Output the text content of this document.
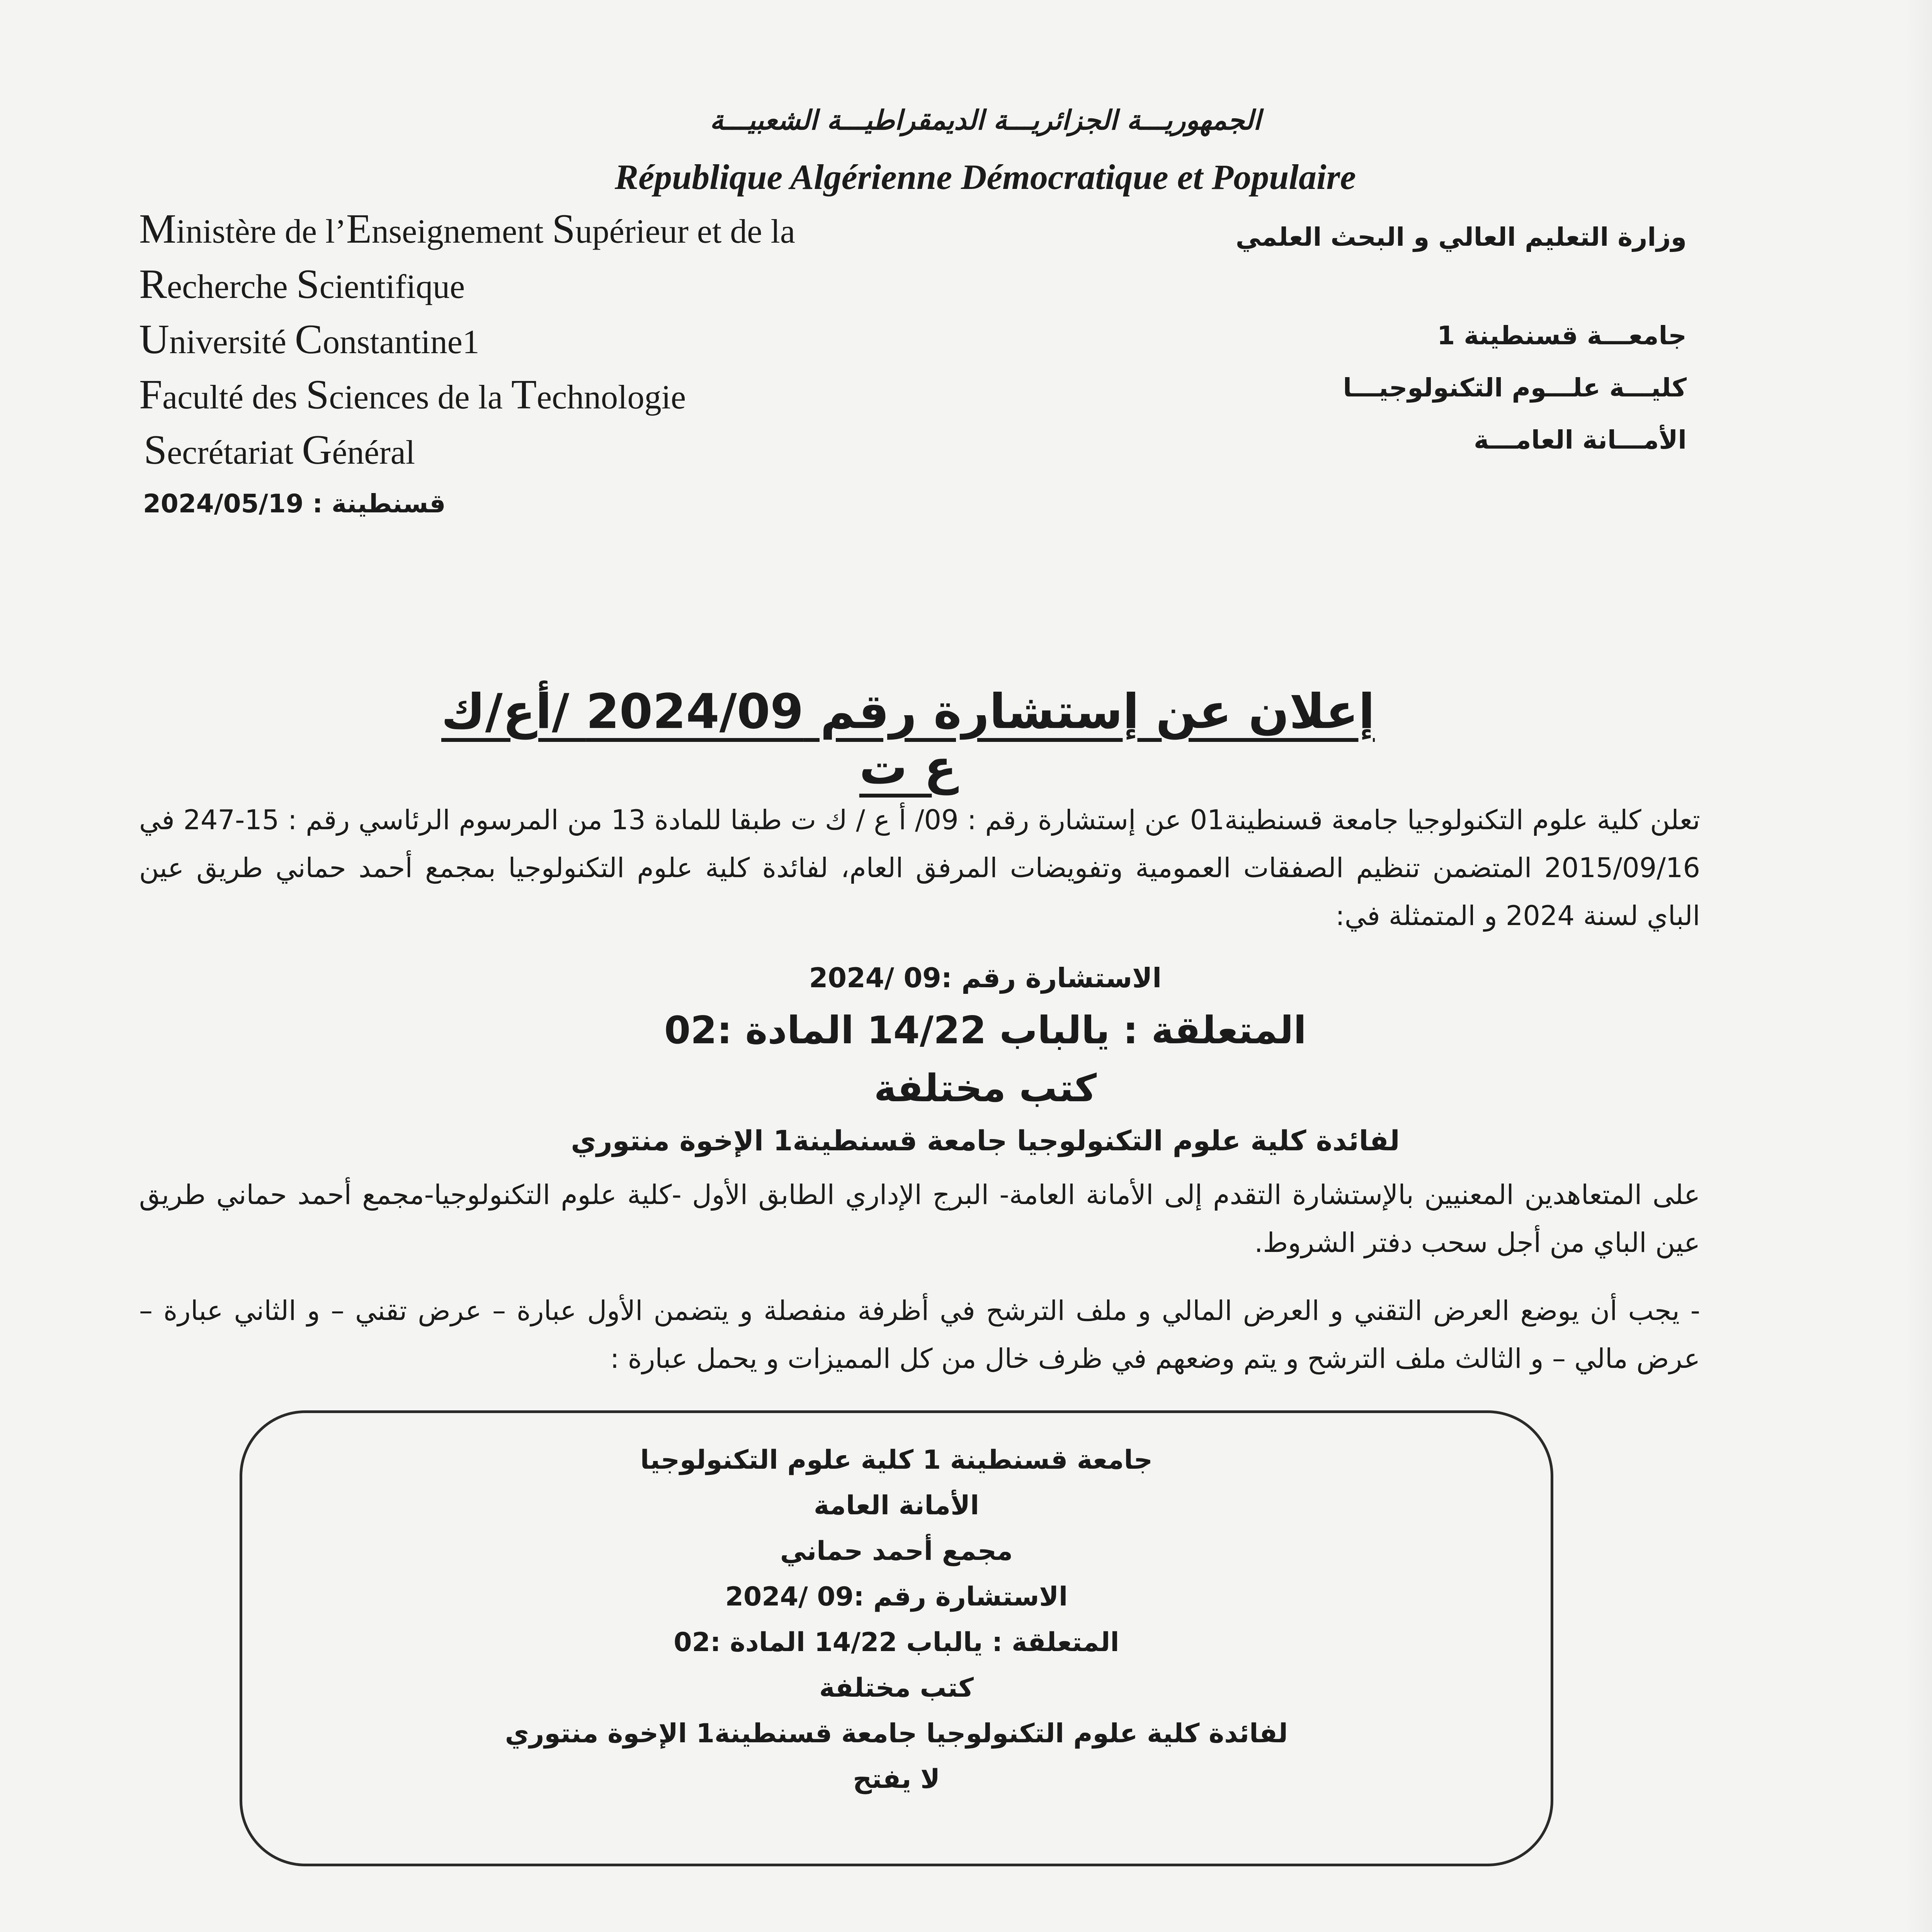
الجمهوريـــة الجزائريـــة الديمقراطيـــة الشعبيـــة
République Algérienne Démocratique et Populaire
Ministère de l’Enseignement Supérieur et de la
Recherche Scientifique
Université Constantine1
Faculté des Sciences de la Technologie
Secrétariat Général
قسنطينة : 2024/05/19
وزارة التعليم العالي و البحث العلمي
جامعـــة قسنطينة 1
كليـــة علـــوم التكنولوجيـــا
الأمـــانة العامـــة
إعلان عن إستشارة رقم 2024/09 /أع/ك ع ت
تعلن كلية علوم التكنولوجيا جامعة قسنطينة01 عن إستشارة رقم : 09/ أ ع / ك ت طبقا للمادة 13 من المرسوم الرئاسي رقم : 15-247 في 2015/09/16 المتضمن تنظيم الصفقات العمومية وتفويضات المرفق العام، لفائدة كلية علوم التكنولوجيا بمجمع أحمد حماني طريق عين الباي لسنة 2024 و المتمثلة في:
الاستشارة رقم :09 /2024
المتعلقة : يالباب 14/22 المادة :02
كتب مختلفة
لفائدة كلية علوم التكنولوجيا جامعة قسنطينة1 الإخوة منتوري
على المتعاهدين المعنيين بالإستشارة التقدم إلى الأمانة العامة- البرج الإداري الطابق الأول -كلية علوم التكنولوجيا-مجمع أحمد حماني طريق عين الباي من أجل سحب دفتر الشروط.
- يجب أن يوضع العرض التقني و العرض المالي و ملف الترشح في أظرفة منفصلة و يتضمن الأول عبارة – عرض تقني – و الثاني عبارة – عرض مالي – و الثالث ملف الترشح و يتم وضعهم في ظرف خال من كل المميزات و يحمل عبارة :
جامعة قسنطينة 1 كلية علوم التكنولوجيا
الأمانة العامة
مجمع أحمد حماني
الاستشارة رقم :09 /2024
المتعلقة : يالباب 14/22 المادة :02
كتب مختلفة
لفائدة كلية علوم التكنولوجيا جامعة قسنطينة1 الإخوة منتوري
لا يفتح
